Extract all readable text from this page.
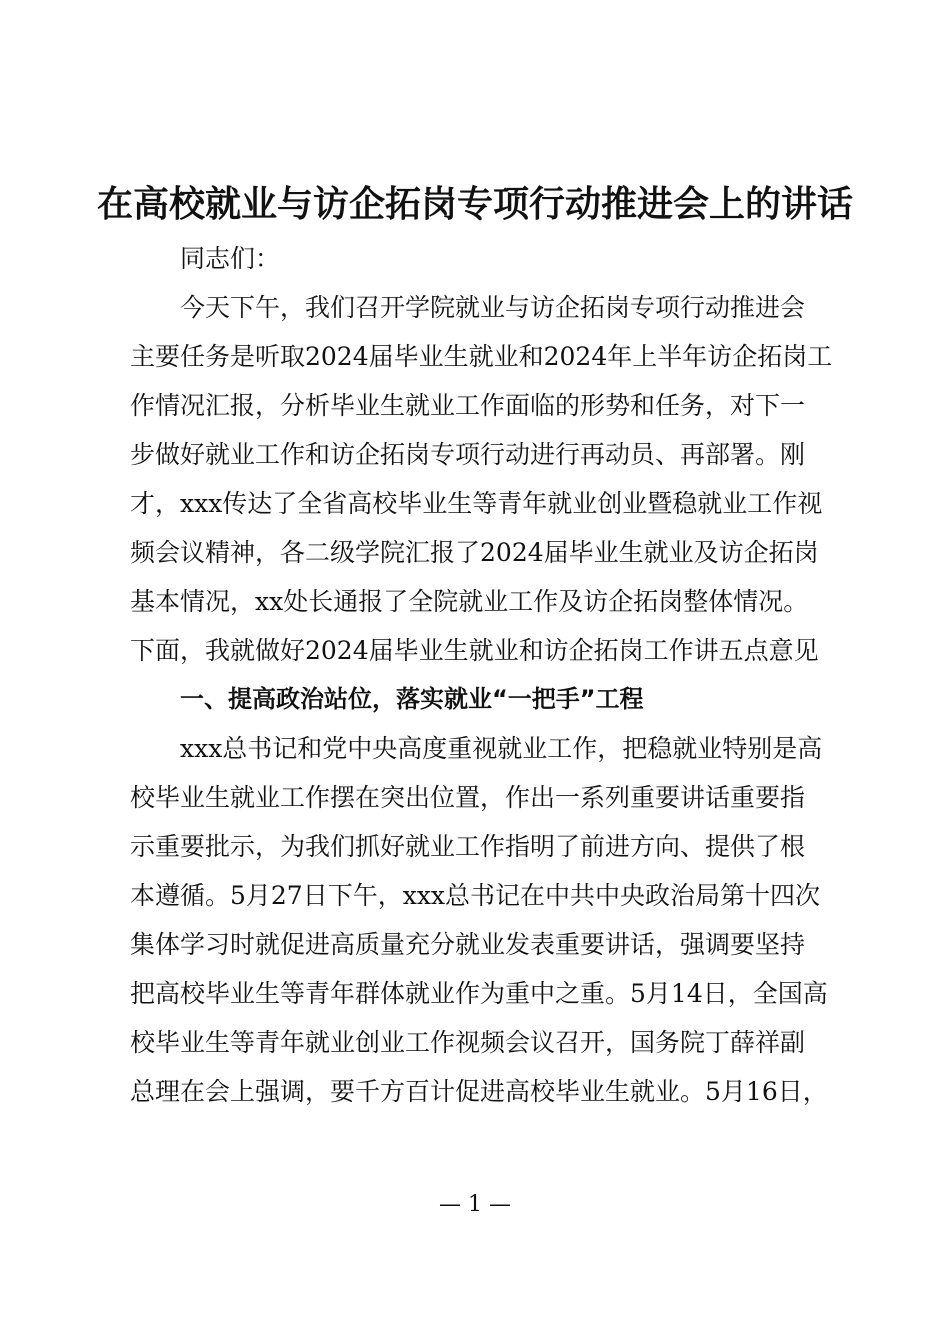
在高校就业与访企拓岗专项行动推进会上的讲话
同志们：
今天下午，我们召开学院就业与访企拓岗专项行动推进会
主要任务是听取2024届毕业生就业和2024年上半年访企拓岗工
作情况汇报，分析毕业生就业工作面临的形势和任务，对下一
步做好就业工作和访企拓岗专项行动进行再动员、再部署。刚
才，xxx传达了全省高校毕业生等青年就业创业暨稳就业工作视
频会议精神，各二级学院汇报了2024届毕业生就业及访企拓岗
基本情况，xx处长通报了全院就业工作及访企拓岗整体情况。
下面，我就做好2024届毕业生就业和访企拓岗工作讲五点意见
一、提高政治站位，落实就业“一把手”工程
xxx总书记和党中央高度重视就业工作，把稳就业特别是高
校毕业生就业工作摆在突出位置，作出一系列重要讲话重要指
示重要批示，为我们抓好就业工作指明了前进方向、提供了根
本遵循。5月27日下午，xxx总书记在中共中央政治局第十四次
集体学习时就促进高质量充分就业发表重要讲话，强调要坚持
把高校毕业生等青年群体就业作为重中之重。5月14日，全国高
校毕业生等青年就业创业工作视频会议召开，国务院丁薛祥副
总理在会上强调，要千方百计促进高校毕业生就业。5月16日，
— 1 —
